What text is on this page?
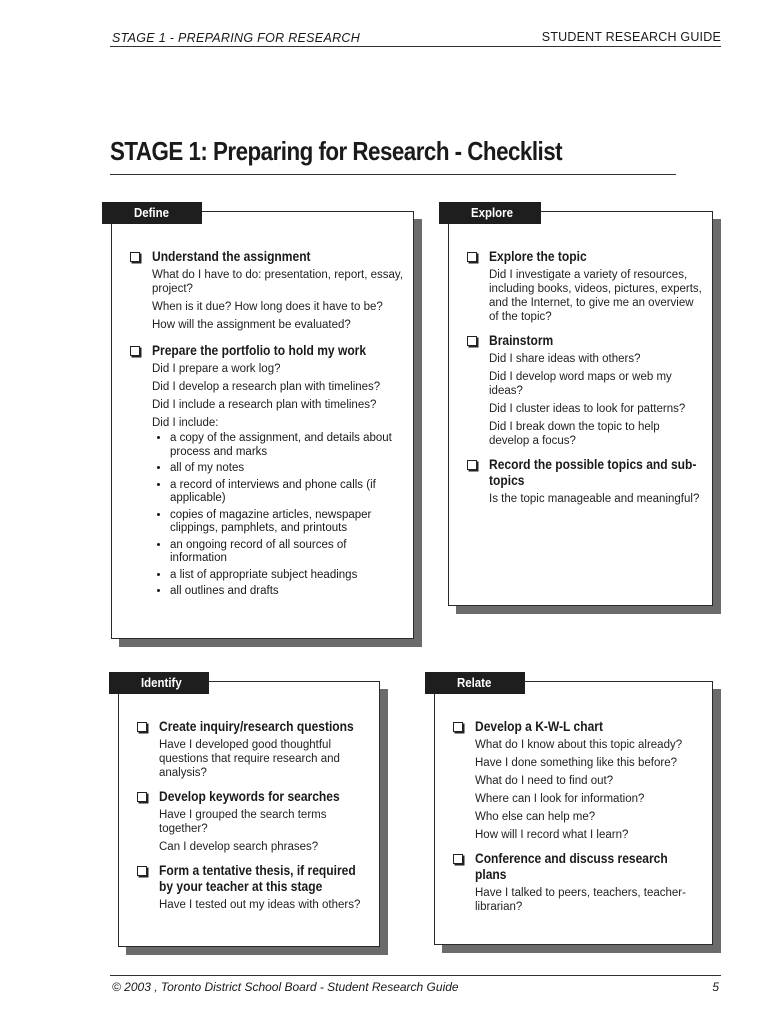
STAGE 1 - PREPARING FOR RESEARCH	STUDENT RESEARCH GUIDE
STAGE 1: Preparing for Research - Checklist
Define
Understand the assignment
What do I have to do: presentation, report, essay, project?
When is it due? How long does it have to be?
How will the assignment be evaluated?
Prepare the portfolio to hold my work
Did I prepare a work log?
Did I develop a research plan with timelines?
Did I include a research plan with timelines?
Did I include:
• a copy of the assignment, and details about process and marks
• all of my notes
• a record of interviews and phone calls (if applicable)
• copies of magazine articles, newspaper clippings, pamphlets, and printouts
• an ongoing record of all sources of information
• a list of appropriate subject headings
• all outlines and drafts
Explore
Explore the topic
Did I investigate a variety of resources, including books, videos, pictures, experts, and the Internet, to give me an overview of the topic?
Brainstorm
Did I share ideas with others?
Did I develop word maps or web my ideas?
Did I cluster ideas to look for patterns?
Did I break down the topic to help develop a focus?
Record the possible topics and sub-topics
Is the topic manageable and meaningful?
Identify
Create inquiry/research questions
Have I developed good thoughtful questions that require research and analysis?
Develop keywords for searches
Have I grouped the search terms together?
Can I develop search phrases?
Form a tentative thesis, if required by your teacher at this stage
Have I tested out my ideas with others?
Relate
Develop a K-W-L chart
What do I know about this topic already?
Have I done something like this before?
What do I need to find out?
Where can I look for information?
Who else can help me?
How will I record what I learn?
Conference and discuss research plans
Have I talked to peers, teachers, teacher-librarian?
© 2003 , Toronto District School Board - Student Research Guide	5
